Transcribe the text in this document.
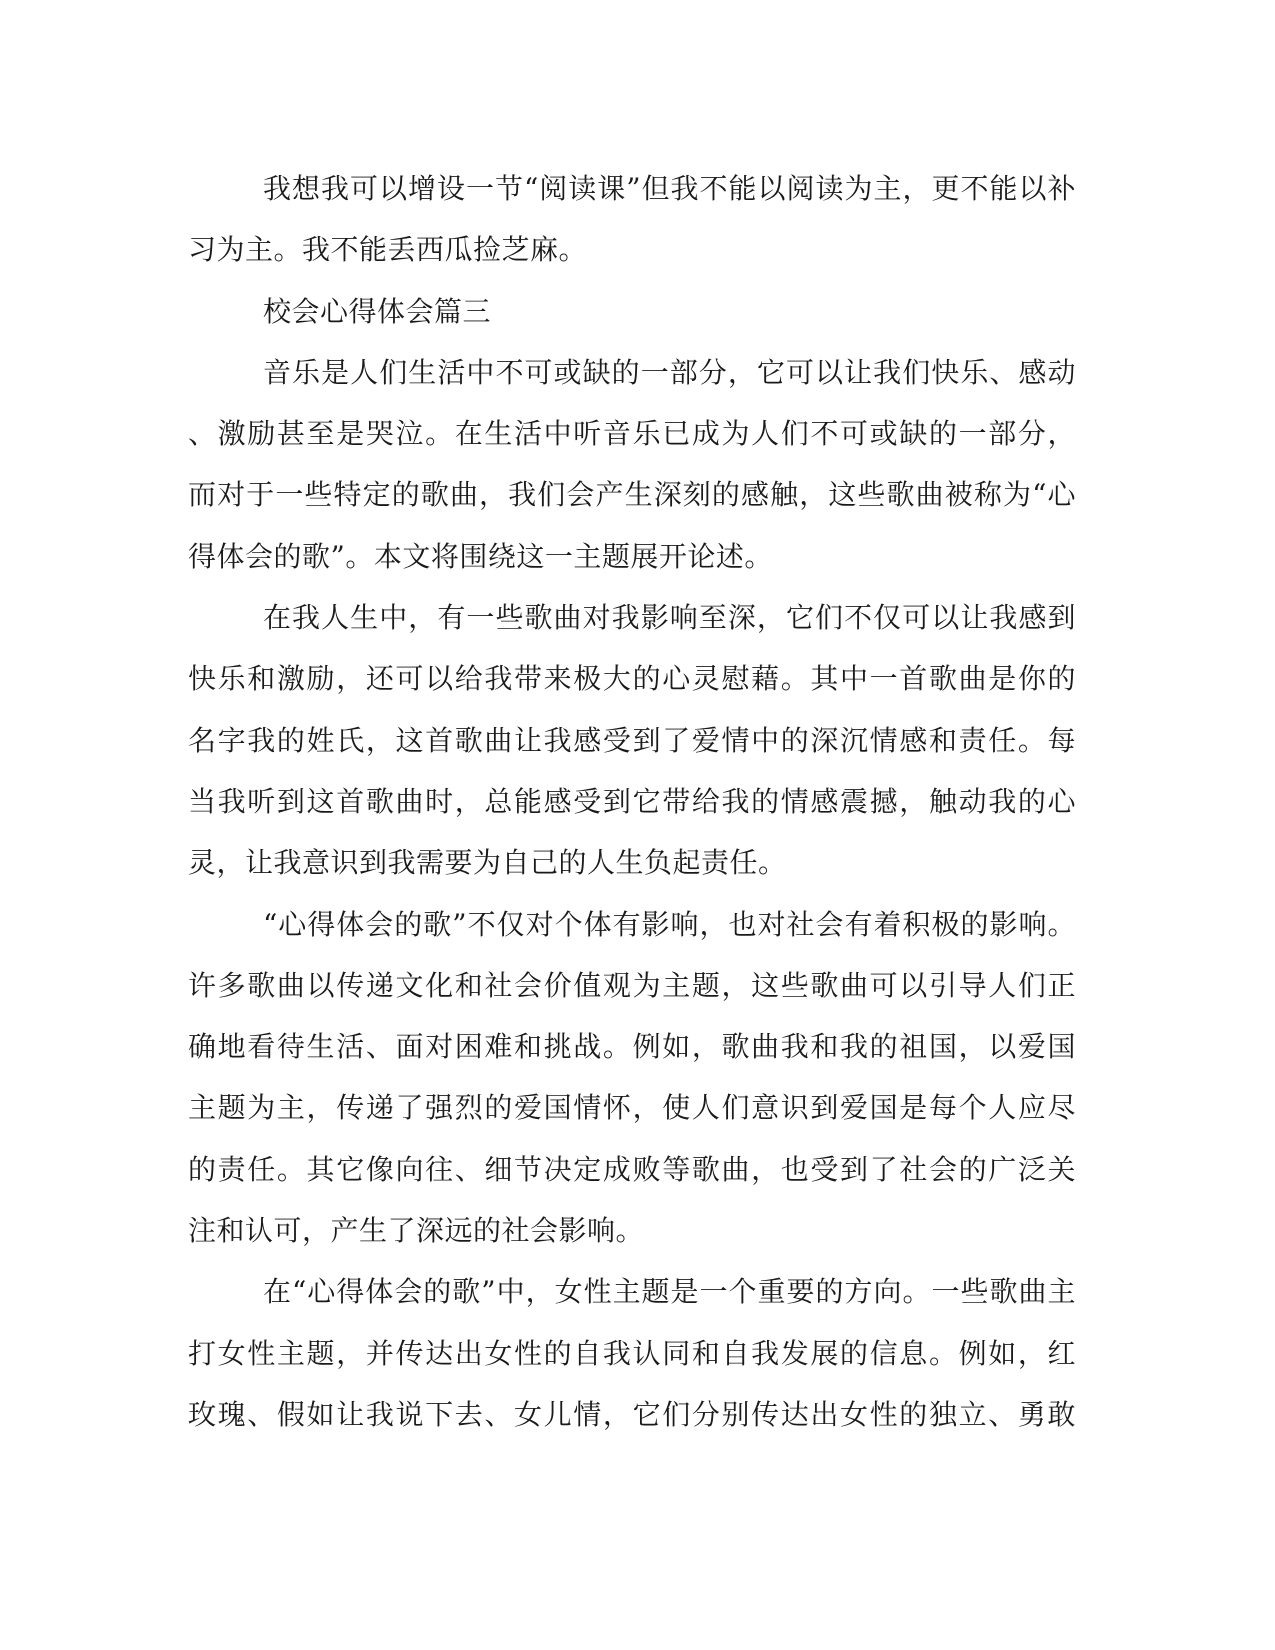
我想我可以增设一节“阅读课”但我不能以阅读为主，更不能以补
习为主。我不能丢西瓜捡芝麻。
校会心得体会篇三
音乐是人们生活中不可或缺的一部分，它可以让我们快乐、感动
、激励甚至是哭泣。在生活中听音乐已成为人们不可或缺的一部分，
而对于一些特定的歌曲，我们会产生深刻的感触，这些歌曲被称为“心
得体会的歌”。本文将围绕这一主题展开论述。
在我人生中，有一些歌曲对我影响至深，它们不仅可以让我感到
快乐和激励，还可以给我带来极大的心灵慰藉。其中一首歌曲是你的
名字我的姓氏，这首歌曲让我感受到了爱情中的深沉情感和责任。每
当我听到这首歌曲时，总能感受到它带给我的情感震撼，触动我的心
灵，让我意识到我需要为自己的人生负起责任。
“心得体会的歌”不仅对个体有影响，也对社会有着积极的影响。
许多歌曲以传递文化和社会价值观为主题，这些歌曲可以引导人们正
确地看待生活、面对困难和挑战。例如，歌曲我和我的祖国，以爱国
主题为主，传递了强烈的爱国情怀，使人们意识到爱国是每个人应尽
的责任。其它像向往、细节决定成败等歌曲，也受到了社会的广泛关
注和认可，产生了深远的社会影响。
在“心得体会的歌”中，女性主题是一个重要的方向。一些歌曲主
打女性主题，并传达出女性的自我认同和自我发展的信息。例如，红
玫瑰、假如让我说下去、女儿情，它们分别传达出女性的独立、勇敢
